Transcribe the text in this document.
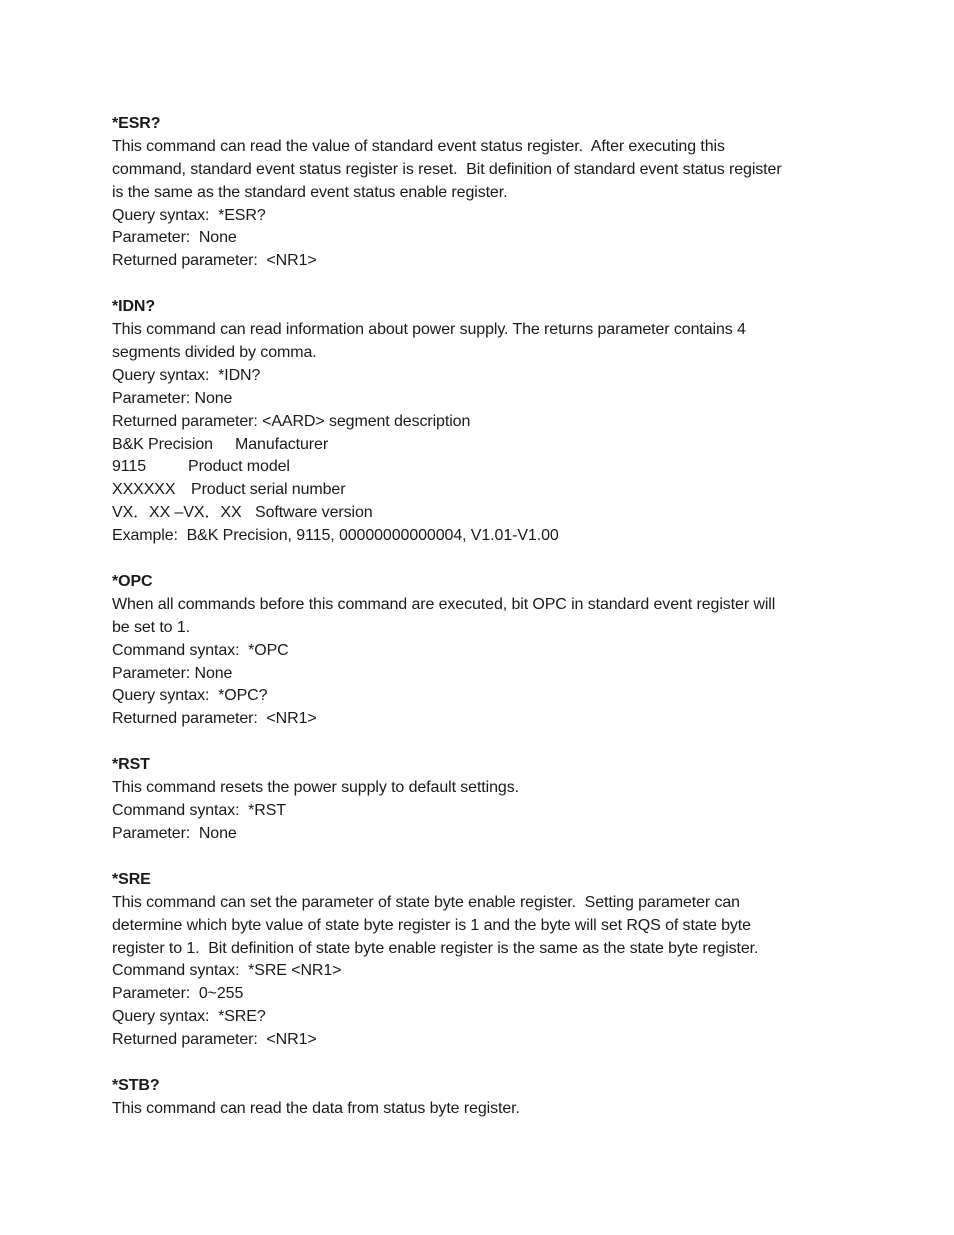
*ESR?
This command can read the value of standard event status register.  After executing this
command, standard event status register is reset.  Bit definition of standard event status register
is the same as the standard event status enable register.
Query syntax:  *ESR?
Parameter:  None
Returned parameter:  <NR1>
*IDN?
This command can read information about power supply. The returns parameter contains 4
segments divided by comma.
Query syntax:  *IDN?
Parameter: None
Returned parameter: <AARD> segment description
B&K Precision	Manufacturer
9115	Product model
XXXXXX Product serial number
VX．XX –VX．XX Software version
Example:  B&K Precision, 9115, 00000000000004, V1.01-V1.00
*OPC
When all commands before this command are executed, bit OPC in standard event register will
be set to 1.
Command syntax:  *OPC
Parameter: None
Query syntax:  *OPC?
Returned parameter:  <NR1>
*RST
This command resets the power supply to default settings.
Command syntax:  *RST
Parameter:  None
*SRE
This command can set the parameter of state byte enable register.  Setting parameter can
determine which byte value of state byte register is 1 and the byte will set RQS of state byte
register to 1.  Bit definition of state byte enable register is the same as the state byte register.
Command syntax:  *SRE <NR1>
Parameter:  0~255
Query syntax:  *SRE?
Returned parameter:  <NR1>
*STB?
This command can read the data from status byte register.
